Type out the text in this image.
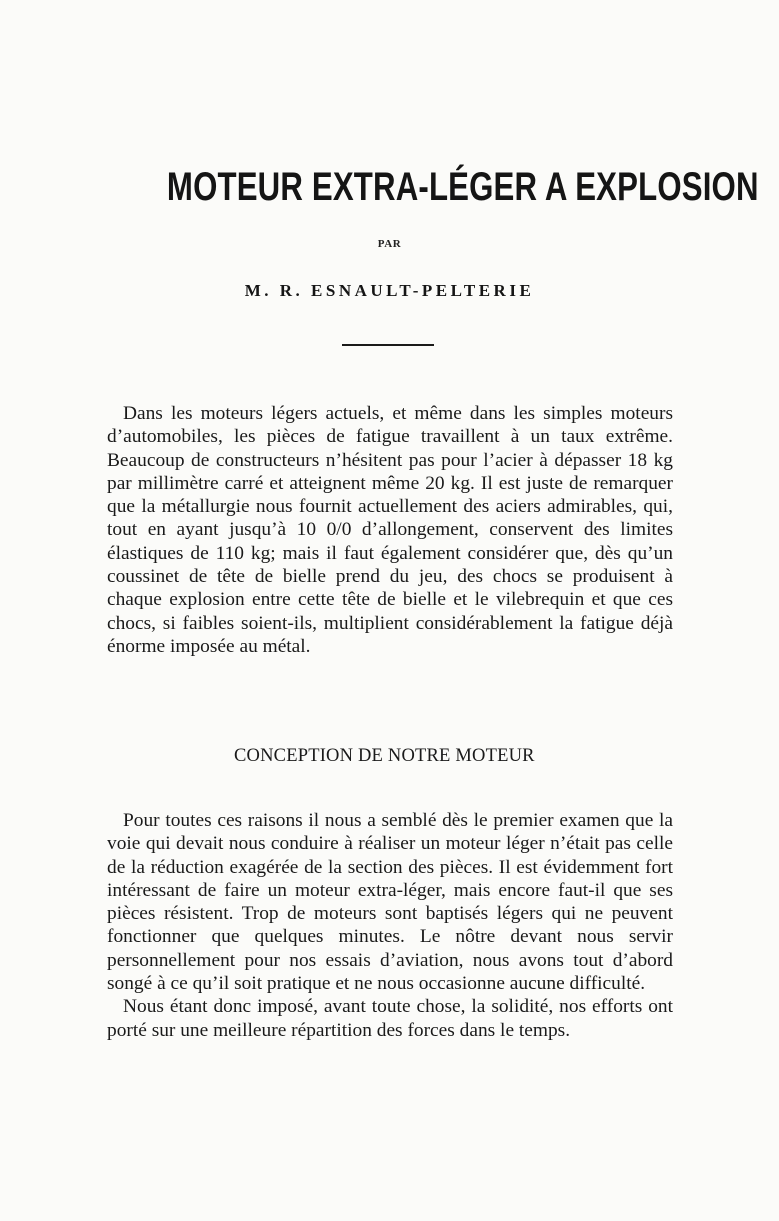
MOTEUR EXTRA-LÉGER A EXPLOSION
PAR
M. R. ESNAULT-PELTERIE

Dans les moteurs légers actuels, et même dans les simples moteurs d’automobiles, les pièces de fatigue travaillent à un taux extrême. Beaucoup de constructeurs n’hésitent pas pour l’acier à dépasser 18 kg par millimètre carré et atteignent même 20 kg. Il est juste de remarquer que la métallurgie nous fournit actuellement des aciers admirables, qui, tout en ayant jusqu’à 10 0/0 d’allongement, conservent des limites élastiques de 110 kg; mais il faut également considérer que, dès qu’un coussinet de tête de bielle prend du jeu, des chocs se produisent à chaque explosion entre cette tête de bielle et le vilebrequin et que ces chocs, si faibles soient-ils, multiplient considérablement la fatigue déjà énorme imposée au métal.

CONCEPTION DE NOTRE MOTEUR

Pour toutes ces raisons il nous a semblé dès le premier examen que la voie qui devait nous conduire à réaliser un moteur léger n’était pas celle de la réduction exagérée de la section des pièces. Il est évidemment fort intéressant de faire un moteur extra-léger, mais encore faut-il que ses pièces résistent. Trop de moteurs sont baptisés légers qui ne peuvent fonctionner que quelques minutes. Le nôtre devant nous servir personnellement pour nos essais d’aviation, nous avons tout d’abord songé à ce qu’il soit pratique et ne nous occasionne aucune difficulté.

Nous étant donc imposé, avant toute chose, la solidité, nos efforts ont porté sur une meilleure répartition des forces dans le temps.
